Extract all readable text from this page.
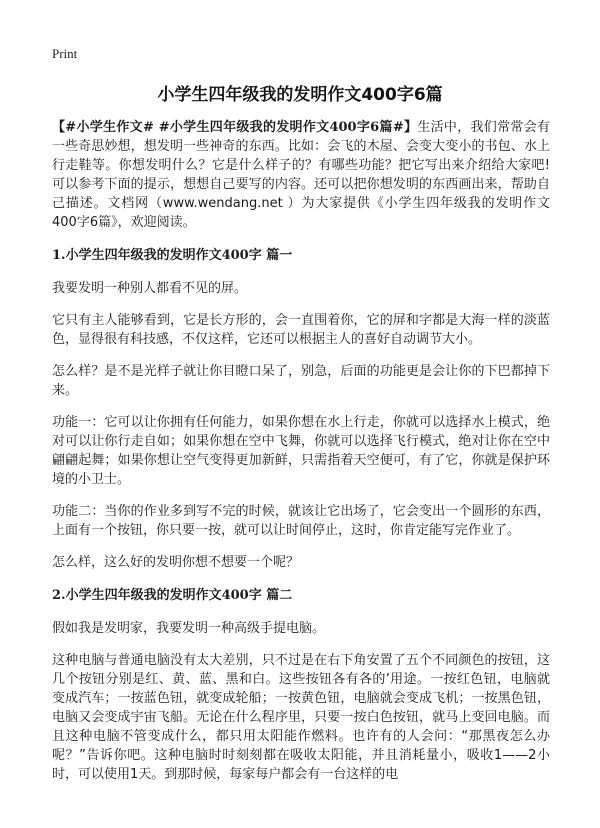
Print
小学生四年级我的发明作文400字6篇

【#小学生作文# #小学生四年级我的发明作文400字6篇#】生活中，我们常常会有一些奇思妙想，想发明一些神奇的东西。比如：会飞的木屋、会变大变小的书包、水上行走鞋等。你想发明什么？它是什么样子的？有哪些功能？把它写出来介绍给大家吧!可以参考下面的提示，想想自己要写的内容。还可以把你想发明的东西画出来，帮助自己描述。文档网（www.wendang.net ）为大家提供《小学生四年级我的发明作文400字6篇》，欢迎阅读。

1.小学生四年级我的发明作文400字 篇一

我要发明一种别人都看不见的屏。

它只有主人能够看到，它是长方形的，会一直围着你，它的屏和字都是大海一样的淡蓝色，显得很有科技感，不仅这样，它还可以根据主人的喜好自动调节大小。

怎么样？是不是光样子就让你目瞪口呆了，别急，后面的功能更是会让你的下巴都掉下来。

功能一：它可以让你拥有任何能力，如果你想在水上行走，你就可以选择水上模式，绝对可以让你行走自如；如果你想在空中飞舞，你就可以选择飞行模式，绝对让你在空中翩翩起舞；如果你想让空气变得更加新鲜，只需指着天空便可，有了它，你就是保护环境的小卫士。

功能二：当你的作业多到写不完的时候，就该让它出场了，它会变出一个圆形的东西，上面有一个按钮，你只要一按，就可以让时间停止，这时，你肯定能写完作业了。

怎么样，这么好的发明你想不想要一个呢？

2.小学生四年级我的发明作文400字 篇二

假如我是发明家，我要发明一种高级手提电脑。

这种电脑与普通电脑没有太大差别，只不过是在右下角安置了五个不同颜色的按钮，这几个按钮分别是红、黄、蓝、黑和白。这些按钮各有各的’用途。一按红色钮，电脑就变成汽车；一按蓝色钮，就变成轮船；一按黄色钮，电脑就会变成飞机；一按黑色钮，电脑又会变成宇宙飞船。无论在什么程序里，只要一按白色按钮，就马上变回电脑。而且这种电脑不管变成什么，都只用太阳能作燃料。也许有的人会问：“那黑夜怎么办呢？”告诉你吧。这种电脑时时刻刻都在吸收太阳能，并且消耗量小，吸收1——2小时，可以使用1天。到那时候，每家每户都会有一台这样的电
